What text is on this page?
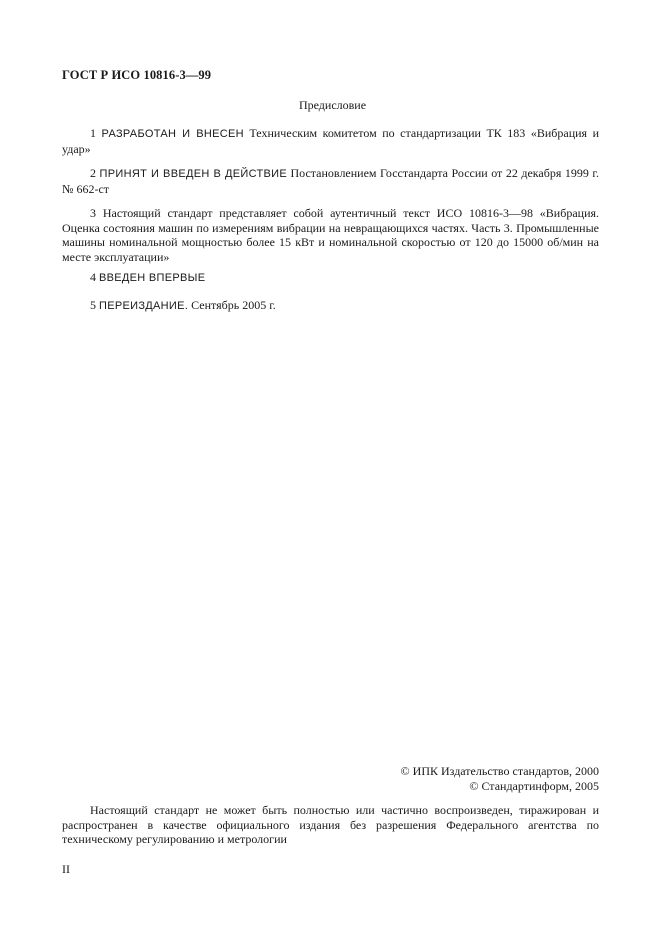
ГОСТ Р ИСО 10816-3—99
Предисловие
1 РАЗРАБОТАН И ВНЕСЕН Техническим комитетом по стандартизации ТК 183 «Вибрация и удар»
2 ПРИНЯТ И ВВЕДЕН В ДЕЙСТВИЕ Постановлением Госстандарта России от 22 декабря 1999 г. № 662-ст
3 Настоящий стандарт представляет собой аутентичный текст ИСО 10816-3—98 «Вибрация. Оценка состояния машин по измерениям вибрации на невращающихся частях. Часть 3. Промышленные машины номинальной мощностью более 15 кВт и номинальной скоростью от 120 до 15000 об/мин на месте эксплуатации»
4 ВВЕДЕН ВПЕРВЫЕ
5 ПЕРЕИЗДАНИЕ. Сентябрь 2005 г.
© ИПК Издательство стандартов, 2000
© Стандартинформ, 2005
Настоящий стандарт не может быть полностью или частично воспроизведен, тиражирован и распространен в качестве официального издания без разрешения Федерального агентства по техническому регулированию и метрологии
II
